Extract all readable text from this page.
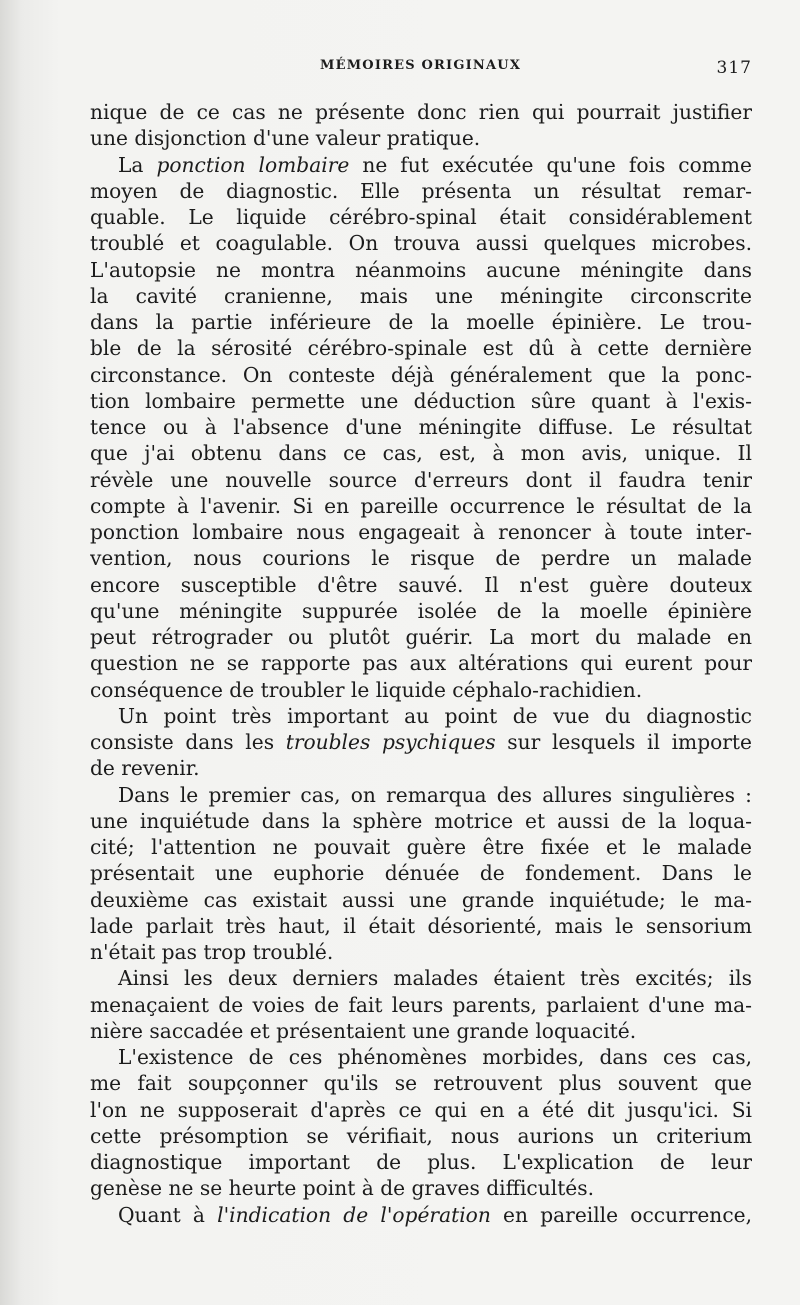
MÉMOIRES ORIGINAUX	317
nique de ce cas ne présente donc rien qui pourrait justifier
une disjonction d'une valeur pratique.
La ponction lombaire ne fut exécutée qu'une fois comme
moyen de diagnostic. Elle présenta un résultat remar-
quable. Le liquide cérébro-spinal était considérablement
troublé et coagulable. On trouva aussi quelques microbes.
L'autopsie ne montra néanmoins aucune méningite dans
la cavité cranienne, mais une méningite circonscrite
dans la partie inférieure de la moelle épinière. Le trou-
ble de la sérosité cérébro-spinale est dû à cette dernière
circonstance. On conteste déjà généralement que la ponc-
tion lombaire permette une déduction sûre quant à l'exis-
tence ou à l'absence d'une méningite diffuse. Le résultat
que j'ai obtenu dans ce cas, est, à mon avis, unique. Il
révèle une nouvelle source d'erreurs dont il faudra tenir
compte à l'avenir. Si en pareille occurrence le résultat de la
ponction lombaire nous engageait à renoncer à toute inter-
vention, nous courions le risque de perdre un malade
encore susceptible d'être sauvé. Il n'est guère douteux
qu'une méningite suppurée isolée de la moelle épinière
peut rétrograder ou plutôt guérir. La mort du malade en
question ne se rapporte pas aux altérations qui eurent pour
conséquence de troubler le liquide céphalo-rachidien.
Un point très important au point de vue du diagnostic
consiste dans les troubles psychiques sur lesquels il importe
de revenir.
Dans le premier cas, on remarqua des allures singulières :
une inquiétude dans la sphère motrice et aussi de la loqua-
cité; l'attention ne pouvait guère être fixée et le malade
présentait une euphorie dénuée de fondement. Dans le
deuxième cas existait aussi une grande inquiétude; le ma-
lade parlait très haut, il était désorienté, mais le sensorium
n'était pas trop troublé.
Ainsi les deux derniers malades étaient très excités; ils
menaçaient de voies de fait leurs parents, parlaient d'une ma-
nière saccadée et présentaient une grande loquacité.
L'existence de ces phénomènes morbides, dans ces cas,
me fait soupçonner qu'ils se retrouvent plus souvent que
l'on ne supposerait d'après ce qui en a été dit jusqu'ici. Si
cette présomption se vérifiait, nous aurions un criterium
diagnostique important de plus. L'explication de leur
genèse ne se heurte point à de graves difficultés.
Quant à l'indication de l'opération en pareille occurrence,
